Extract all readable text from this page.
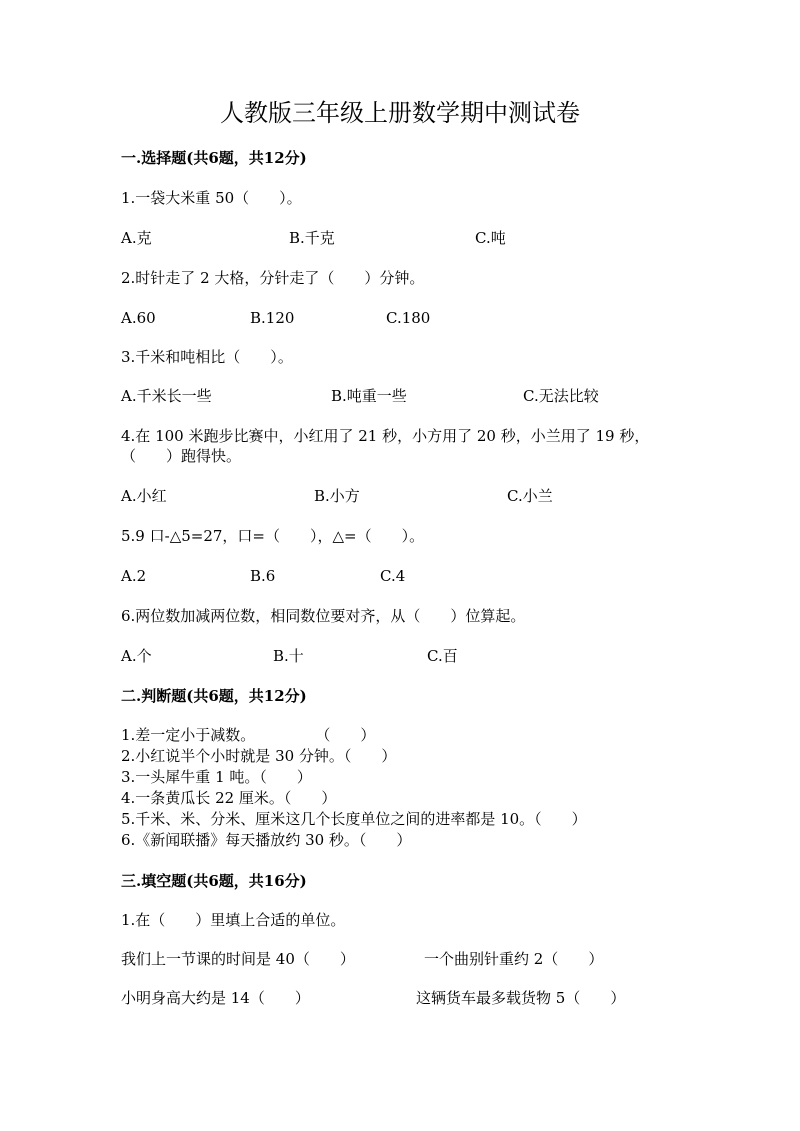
人教版三年级上册数学期中测试卷
一.选择题(共6题，共12分)
1.一袋大米重 50（　　）。
A.克	B.千克	C.吨
2.时针走了 2 大格，分针走了（　　）分钟。
A.60	B.120	C.180
3.千米和吨相比（　　）。
A.千米长一些	B.吨重一些	C.无法比较
4.在 100 米跑步比赛中，小红用了 21 秒，小方用了 20 秒，小兰用了 19 秒，
（　　）跑得快。
A.小红	B.小方	C.小兰
5.9 口-△5=27，口=（　　），△=（　　）。
A.2	B.6	C.4
6.两位数加减两位数，相同数位要对齐，从（　　）位算起。
A.个	B.十	C.百
二.判断题(共6题，共12分)
1.差一定小于减数。　　　　　（　　）
2.小红说半个小时就是 30 分钟。（　　）
3.一头犀牛重 1 吨。（　　）
4.一条黄瓜长 22 厘米。（　　）
5.千米、米、分米、厘米这几个长度单位之间的进率都是 10。（　　）
6.《新闻联播》每天播放约 30 秒。（　　）
三.填空题(共6题，共16分)
1.在（　　）里填上合适的单位。
我们上一节课的时间是 40（　　）	一个曲别针重约 2（　　）
小明身高大约是 14（　　）	这辆货车最多载货物 5（　　）
